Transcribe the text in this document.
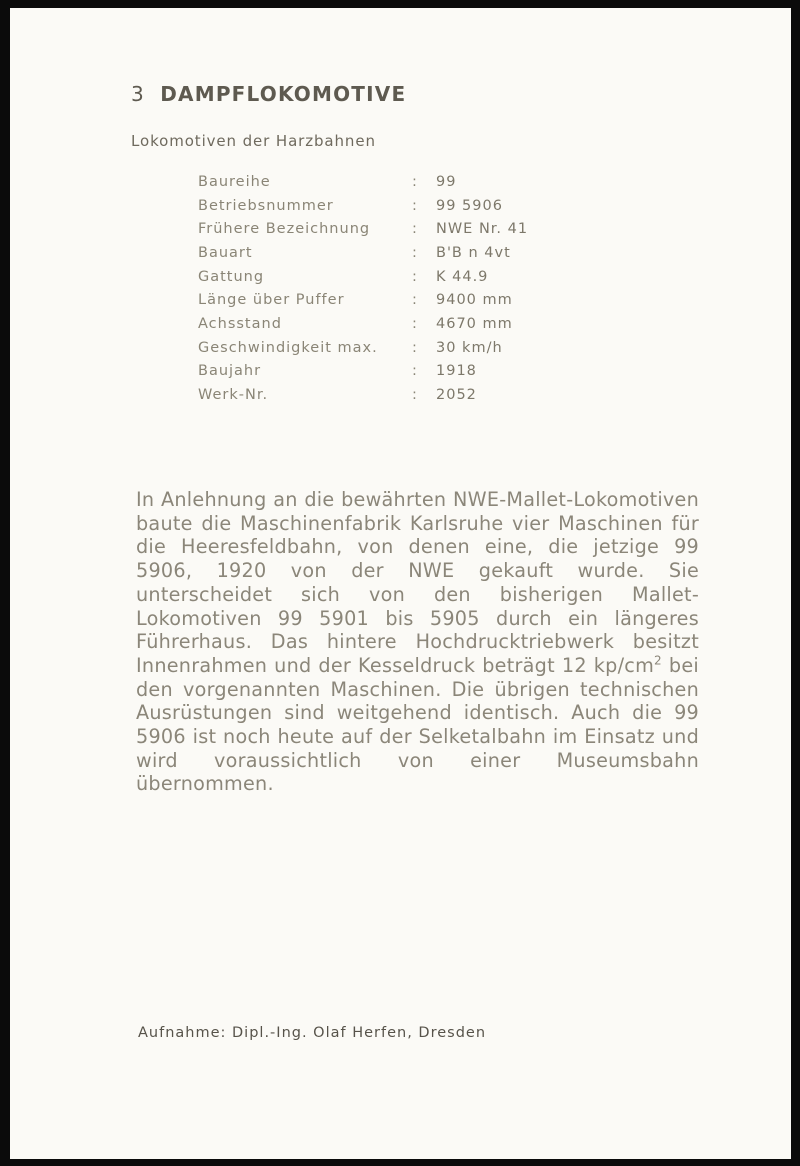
3 DAMPFLOKOMOTIVE
Lokomotiven der Harzbahnen
Baureihe	:	99
Betriebsnummer	:	99 5906
Frühere Bezeichnung	:	NWE Nr. 41
Bauart	:	B'B n 4vt
Gattung	:	K 44.9
Länge über Puffer	:	9400 mm
Achsstand	:	4670 mm
Geschwindigkeit max.	:	30 km/h
Baujahr	:	1918
Werk-Nr.	:	2052

In Anlehnung an die bewährten NWE-Mallet-Lokomotiven baute die Maschinenfabrik Karlsruhe vier Maschinen für die Heeresfeldbahn, von denen eine, die jetzige 99 5906, 1920 von der NWE gekauft wurde. Sie unterscheidet sich von den bisherigen Mallet-Lokomotiven 99 5901 bis 5905 durch ein längeres Führerhaus. Das hintere Hochdrucktriebwerk besitzt Innenrahmen und der Kesseldruck beträgt 12 $kp/cm^2$ bei den vorgenannten Maschinen. Die übrigen technischen Ausrüstungen sind weitgehend identisch. Auch die 99 5906 ist noch heute auf der Selketalbahn im Einsatz und wird voraussichtlich von einer Museumsbahn übernommen.

Aufnahme: Dipl.-Ing. Olaf Herfen, Dresden
